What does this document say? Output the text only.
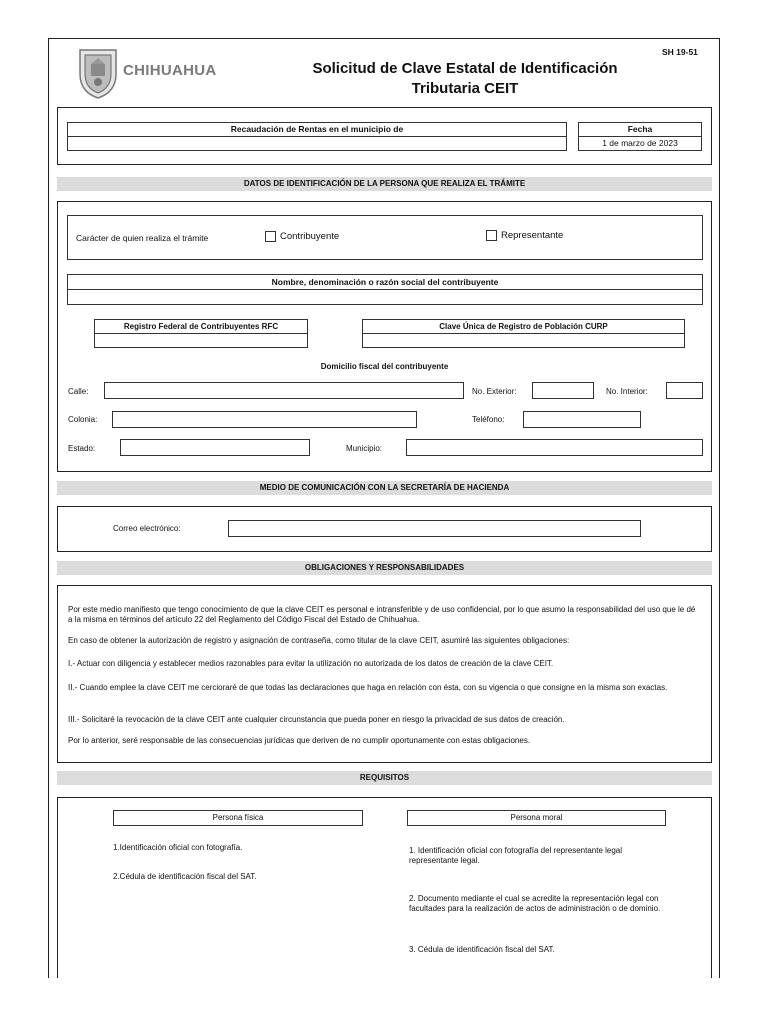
CHIHUAHUA	Solicitud de Clave Estatal de Identificación
Tributaria CEIT
SH 19-51
Recaudación de Rentas en el municipio de	Fecha
1 de marzo de 2023
DATOS DE IDENTIFICACIÓN DE LA PERSONA QUE REALIZA EL TRÁMITE
Carácter de quien realiza el trámite	Contribuyente	Representante
Nombre, denominación o razón social del contribuyente
Registro Federal de Contribuyentes RFC	Clave Única de Registro de Población CURP
Domicilio fiscal del contribuyente
Calle:	No. Exterior:	No. Interior:
Colonia:	Teléfono:
Estado:	Municipio:
MEDIO DE COMUNICACIÓN CON LA SECRETARÍA DE HACIENDA
Correo electrónico:
OBLIGACIONES Y RESPONSABILIDADES
Por este medio manifiesto que tengo conocimiento de que la clave CEIT es personal e intransferible y de uso confidencial, por lo que asumo la responsabilidad del uso que le dé a la misma en términos del artículo 22 del Reglamento del Código Fiscal del Estado de Chihuahua.
En caso de obtener la autorización de registro y asignación de contraseña, como titular de la clave CEIT, asumiré las siguientes obligaciones:
I.- Actuar con diligencia y establecer medios razonables para evitar la utilización no autorizada de los datos de creación de la clave CEIT.
II.- Cuando emplee la clave CEIT me cercioraré de que todas las declaraciones que haga en relación con ésta, con su vigencia o que consigne en la misma son exactas.
III.- Solicitaré la revocación de la clave CEIT ante cualquier circunstancia que pueda poner en riesgo la privacidad de sus datos de creación.
Por lo anterior, seré responsable de las consecuencias jurídicas que deriven de no cumplir oportunamente con estas obligaciones.
REQUISITOS
Persona física	Persona moral
1.Identificación oficial con fotografía.
2.Cédula de identificación fiscal del SAT.
1. Identificación oficial con fotografía del representante legal representante legal.
2. Documento mediante el cual se acredite la representación legal con facultades para la realización de actos de administración o de dominio.
3. Cédula de identificación fiscal del SAT.
